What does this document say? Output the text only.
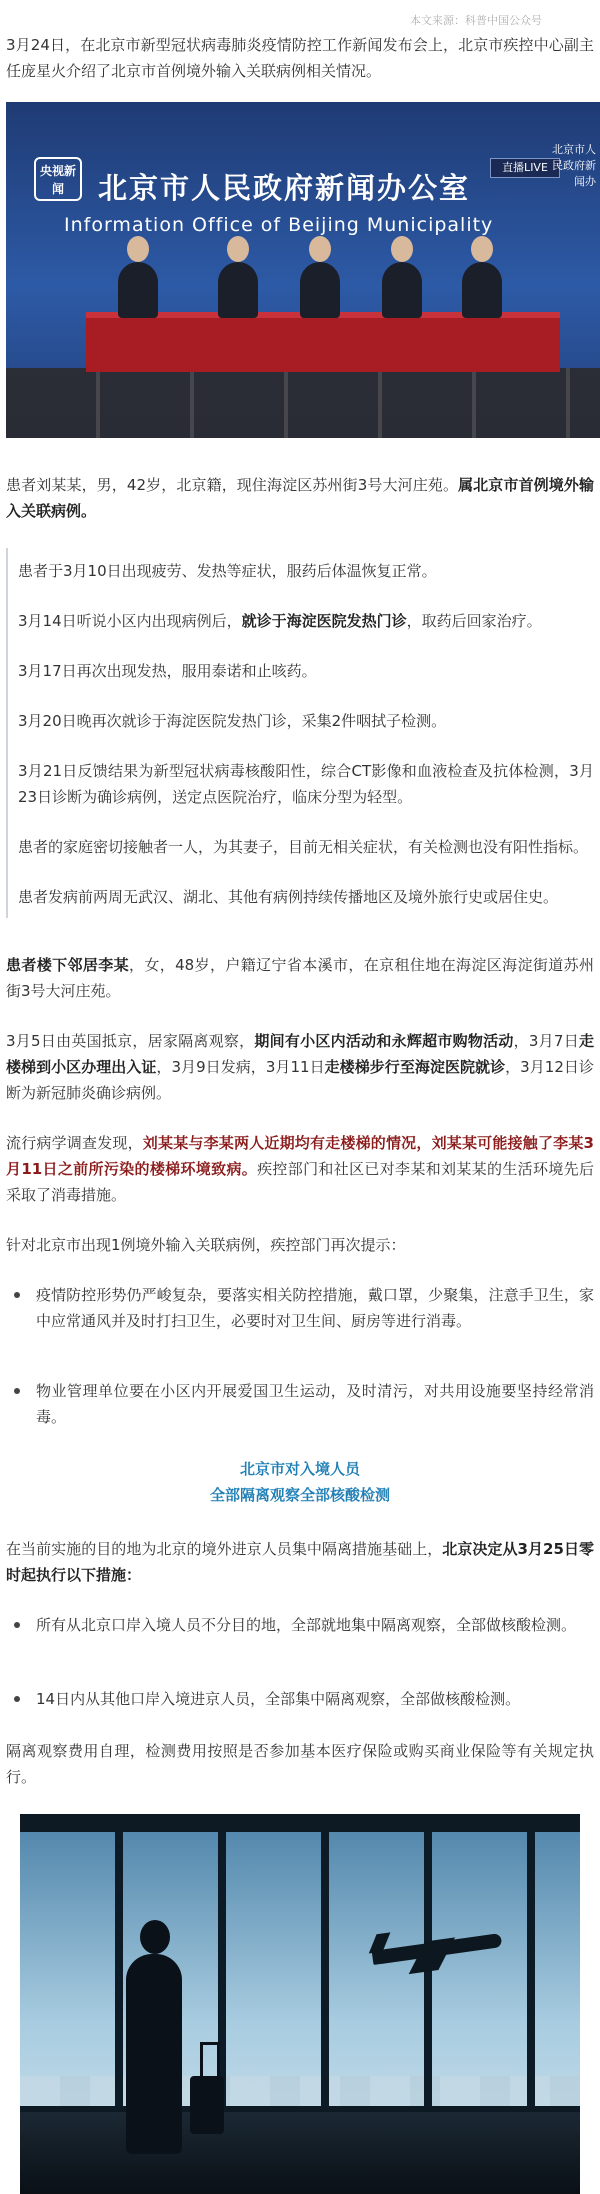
本文来源：科普中国公众号

3月24日，在北京市新型冠状病毒肺炎疫情防控工作新闻发布会上，北京市疾控中心副主任庞星火介绍了北京市首例境外输入关联病例相关情况。

央视新闻	北京市人民政府新闻办公室
Information Office of Beijing Municipality
直播LIVE
北京市人民政府新闻办

患者刘某某，男，42岁，北京籍，现住海淀区苏州街3号大河庄苑。属北京市首例境外输入关联病例。

患者于3月10日出现疲劳、发热等症状，服药后体温恢复正常。

3月14日听说小区内出现病例后，就诊于海淀医院发热门诊，取药后回家治疗。

3月17日再次出现发热，服用泰诺和止咳药。

3月20日晚再次就诊于海淀医院发热门诊，采集2件咽拭子检测。

3月21日反馈结果为新型冠状病毒核酸阳性，综合CT影像和血液检查及抗体检测，3月23日诊断为确诊病例，送定点医院治疗，临床分型为轻型。

患者的家庭密切接触者一人，为其妻子，目前无相关症状，有关检测也没有阳性指标。

患者发病前两周无武汉、湖北、其他有病例持续传播地区及境外旅行史或居住史。

患者楼下邻居李某，女，48岁，户籍辽宁省本溪市，在京租住地在海淀区海淀街道苏州街3号大河庄苑。

3月5日由英国抵京，居家隔离观察，期间有小区内活动和永辉超市购物活动，3月7日走楼梯到小区办理出入证，3月9日发病，3月11日走楼梯步行至海淀医院就诊，3月12日诊断为新冠肺炎确诊病例。

流行病学调查发现，刘某某与李某两人近期均有走楼梯的情况，刘某某可能接触了李某3月11日之前所污染的楼梯环境致病。疾控部门和社区已对李某和刘某某的生活环境先后采取了消毒措施。

针对北京市出现1例境外输入关联病例，疾控部门再次提示：

疫情防控形势仍严峻复杂，要落实相关防控措施，戴口罩，少聚集，注意手卫生，家中应常通风并及时打扫卫生，必要时对卫生间、厨房等进行消毒。
物业管理单位要在小区内开展爱国卫生运动，及时清污，对共用设施要坚持经常消毒。
北京市对入境人员
全部隔离观察全部核酸检测

在当前实施的目的地为北京的境外进京人员集中隔离措施基础上，北京决定从3月25日零时起执行以下措施：

所有从北京口岸入境人员不分目的地，全部就地集中隔离观察，全部做核酸检测。
14日内从其他口岸入境进京人员，全部集中隔离观察，全部做核酸检测。

隔离观察费用自理，检测费用按照是否参加基本医疗保险或购买商业保险等有关规定执行。
